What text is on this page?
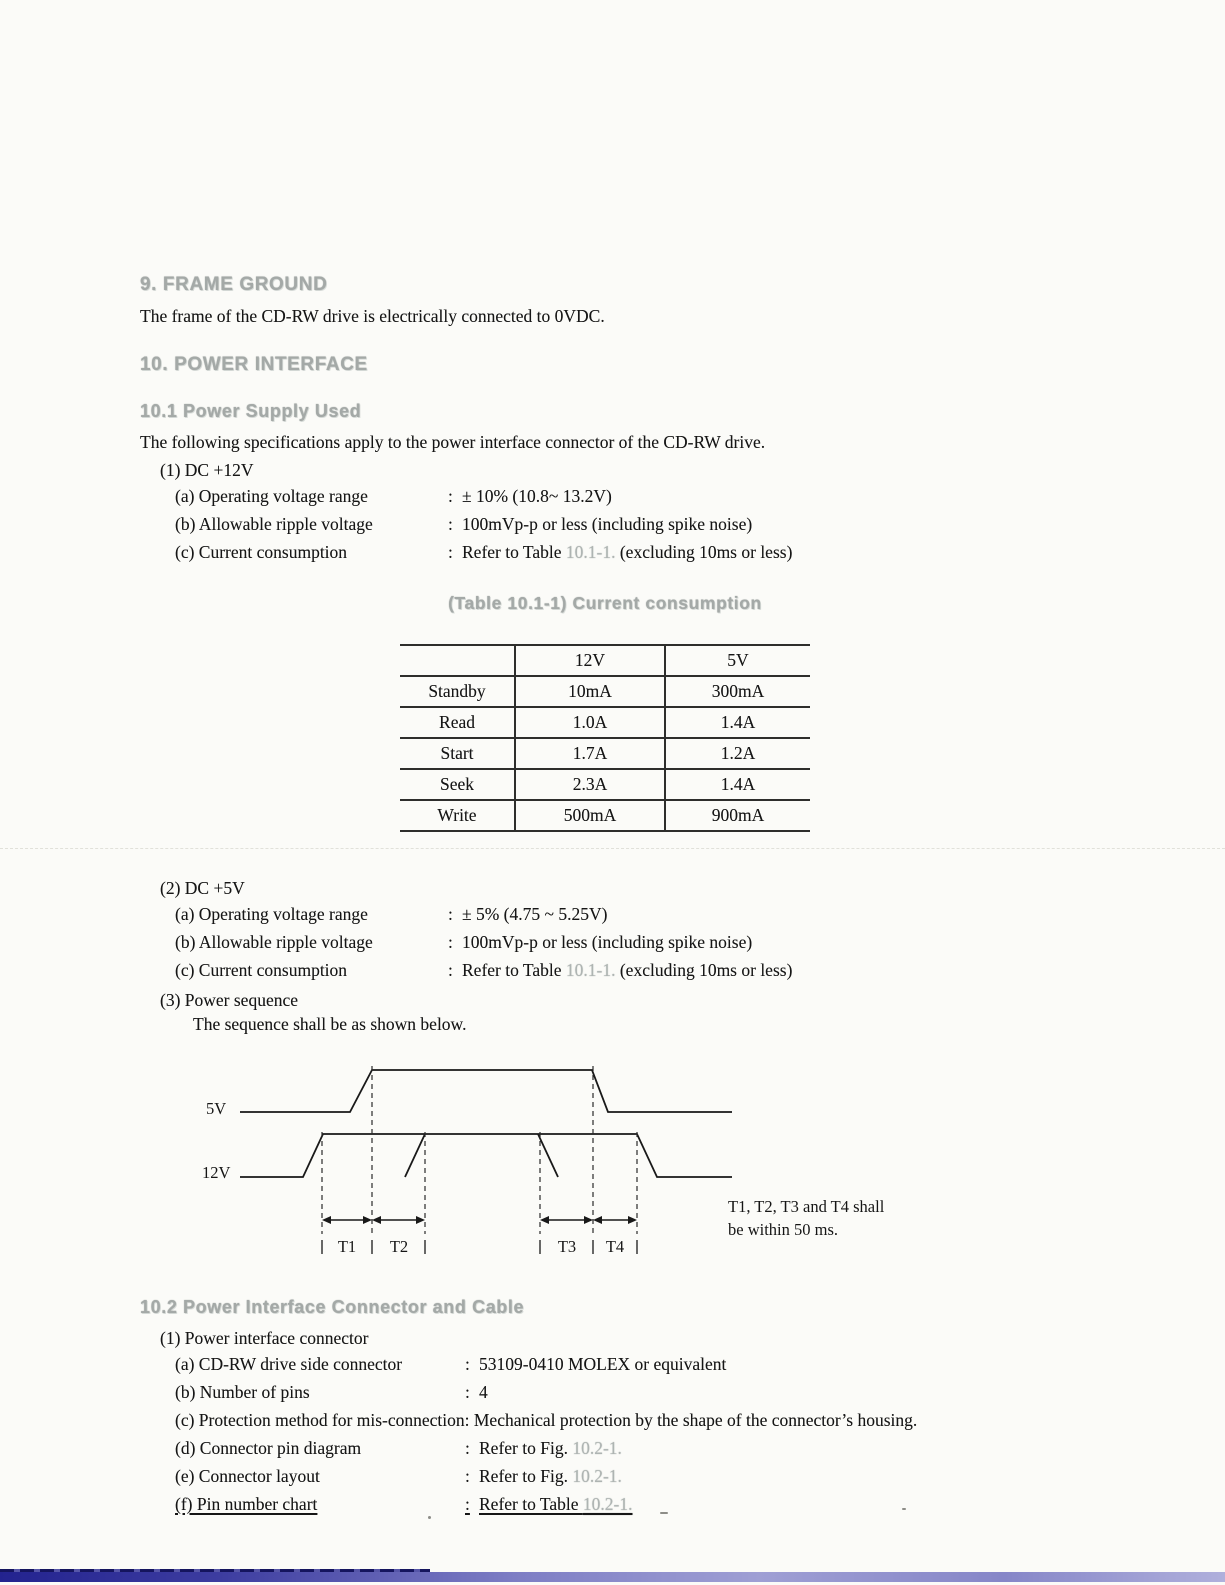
9. FRAME GROUND

The frame of the CD-RW drive is electrically connected to 0VDC.

10. POWER INTERFACE
10.1 Power Supply Used

The following specifications apply to the power interface connector of the CD-RW drive.

(1) DC +12V

(a) Operating voltage range	: ± 10% (10.8~ 13.2V)
(b) Allowable ripple voltage	: 100mVp-p or less (including spike noise)
(c) Current consumption	: Refer to Table 10.1-1. (excluding 10ms or less)
(Table 10.1-1) Current consumption
	12V	5V
Standby	10mA	300mA
Read	1.0A	1.4A
Start	1.7A	1.2A
Seek	2.3A	1.4A
Write	500mA	900mA

(2) DC +5V

(a) Operating voltage range	: ± 5% (4.75 ~ 5.25V)
(b) Allowable ripple voltage	: 100mVp-p or less (including spike noise)
(c) Current consumption	: Refer to Table 10.1-1. (excluding 10ms or less)

(3) Power sequence

The sequence shall be as shown below.

5V
12V
T1 T2	T3 T4
T1, T2, T3 and T4 shall
be within 50 ms.
10.2 Power Interface Connector and Cable

(1) Power interface connector

(a) CD-RW drive side connector	: 53109-0410 MOLEX or equivalent
(b) Number of pins	: 4
(c) Protection method for mis-connection: Mechanical protection by the shape of the connector’s housing.
(d) Connector pin diagram	: Refer to Fig. 10.2-1.
(e) Connector layout	: Refer to Fig. 10.2-1.
(f) Pin number chart	: Refer to Table 10.2-1.
